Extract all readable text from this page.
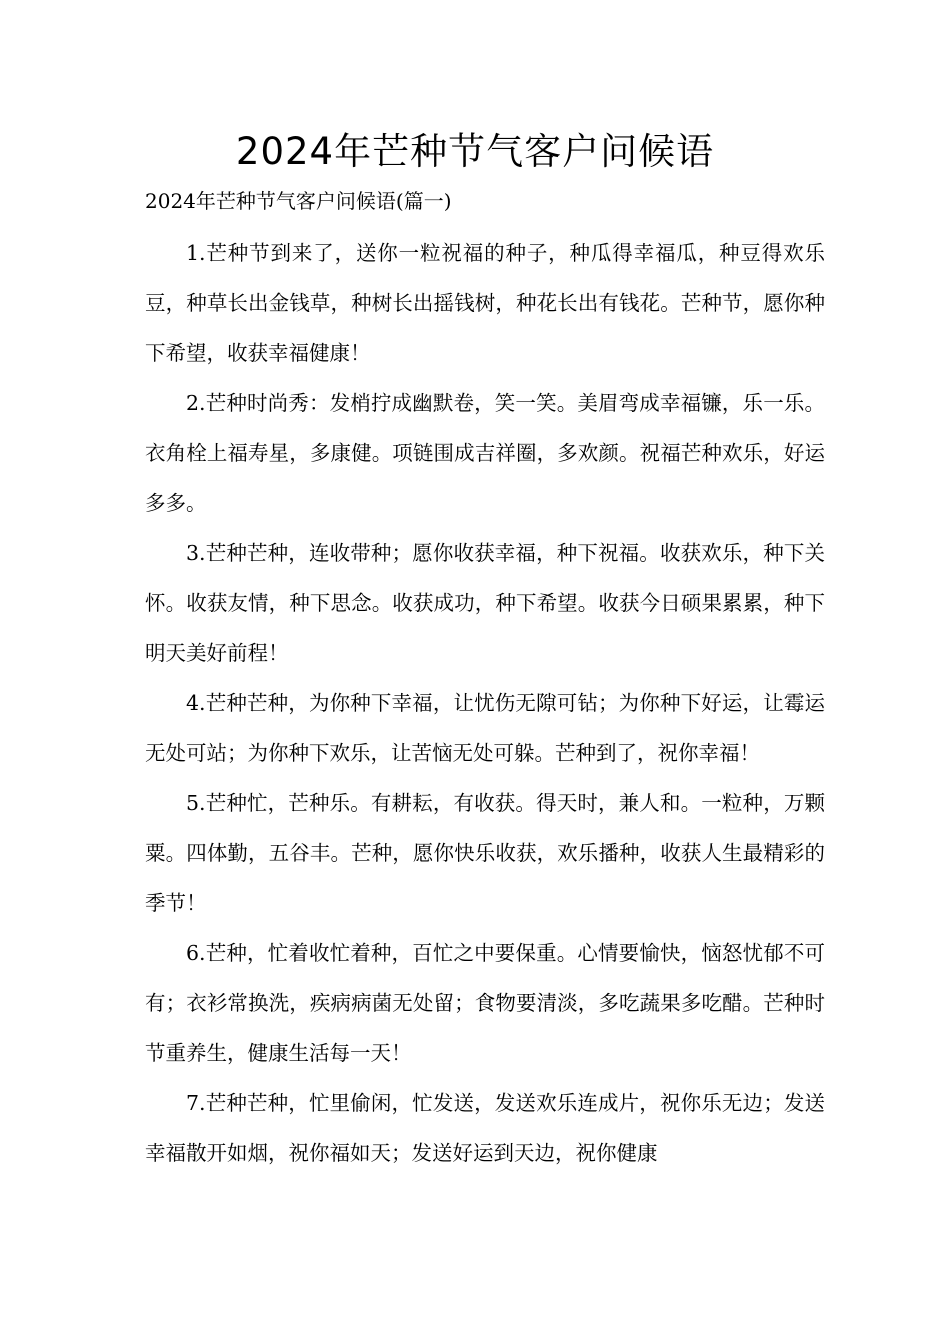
2024年芒种节气客户问候语
2024年芒种节气客户问候语(篇一)

1.芒种节到来了，送你一粒祝福的种子，种瓜得幸福瓜，种豆得欢乐豆，种草长出金钱草，种树长出摇钱树，种花长出有钱花。芒种节，愿你种下希望，收获幸福健康！

2.芒种时尚秀：发梢拧成幽默卷，笑一笑。美眉弯成幸福镰，乐一乐。衣角栓上福寿星，多康健。项链围成吉祥圈，多欢颜。祝福芒种欢乐，好运多多。

3.芒种芒种，连收带种；愿你收获幸福，种下祝福。收获欢乐，种下关怀。收获友情，种下思念。收获成功，种下希望。收获今日硕果累累，种下明天美好前程！

4.芒种芒种，为你种下幸福，让忧伤无隙可钻；为你种下好运，让霉运无处可站；为你种下欢乐，让苦恼无处可躲。芒种到了，祝你幸福！

5.芒种忙，芒种乐。有耕耘，有收获。得天时，兼人和。一粒种，万颗粟。四体勤，五谷丰。芒种，愿你快乐收获，欢乐播种，收获人生最精彩的季节！

6.芒种，忙着收忙着种，百忙之中要保重。心情要愉快，恼怒忧郁不可有；衣衫常换洗，疾病病菌无处留；食物要清淡，多吃蔬果多吃醋。芒种时节重养生，健康生活每一天！

7.芒种芒种，忙里偷闲，忙发送，发送欢乐连成片，祝你乐无边；发送幸福散开如烟，祝你福如天；发送好运到天边，祝你健康
